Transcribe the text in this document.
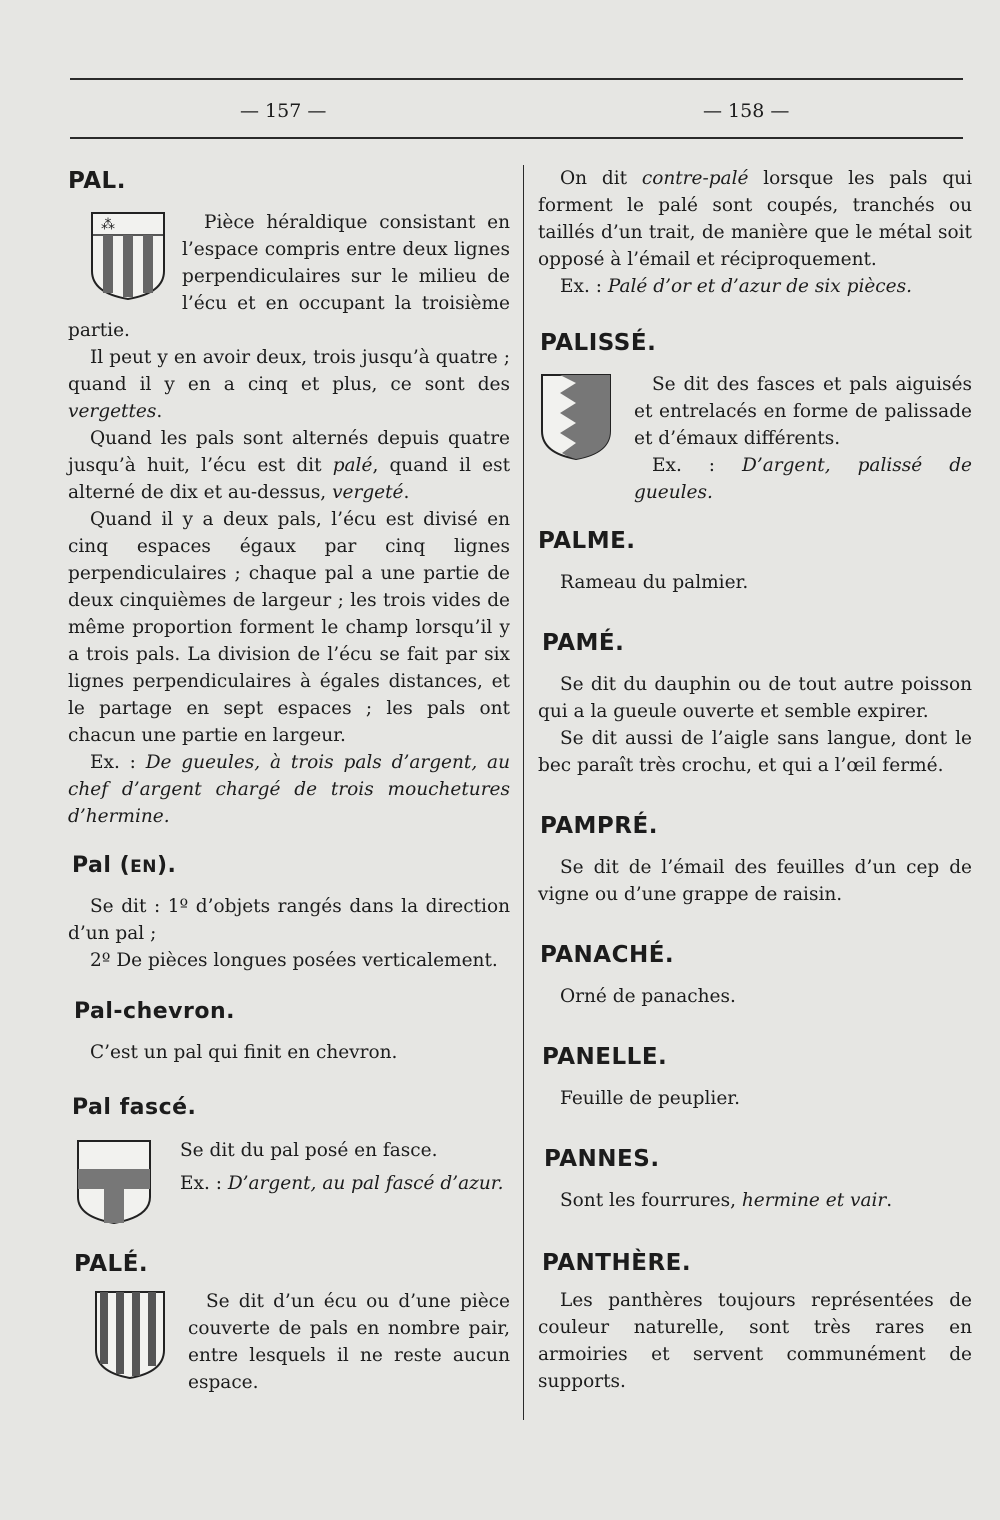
— 157 —	— 158 —
PAL.
⁂	Pièce héraldique consistant en l’espace compris entre deux lignes perpendiculaires sur le milieu de l’écu et en occupant la troisième partie.

Il peut y en avoir deux, trois jusqu’à quatre ; quand il y en a cinq et plus, ce sont des vergettes.

Quand les pals sont alternés depuis quatre jusqu’à huit, l’écu est dit palé, quand il est alterné de dix et au-dessus, vergeté.

Quand il y a deux pals, l’écu est divisé en cinq espaces égaux par cinq lignes perpendiculaires ; chaque pal a une partie de deux cinquièmes de largeur ; les trois vides de même proportion forment le champ lorsqu’il y a trois pals. La division de l’écu se fait par six lignes perpendiculaires à égales distances, et le partage en sept espaces ; les pals ont chacun une partie en largeur.

Ex. : De gueules, à trois pals d’argent, au chef d’argent chargé de trois mouchetures d’hermine.

Pal (EN).

Se dit : 1º d’objets rangés dans la direction d’un pal ;

2º De pièces longues posées verticalement.

Pal-chevron.

C’est un pal qui finit en chevron.

Pal fascé.

Se dit du pal posé en fasce.

Ex. : D’argent, au pal fascé d’azur.

PALÉ.

Se dit d’un écu ou d’une pièce couverte de pals en nombre pair, entre lesquels il ne reste aucun espace.

On dit contre-palé lorsque les pals qui forment le palé sont coupés, tranchés ou taillés d’un trait, de manière que le métal soit opposé à l’émail et réciproquement.

Ex. : Palé d’or et d’azur de six pièces.

PALISSÉ.

Se dit des fasces et pals aiguisés et entrelacés en forme de palissade et d’émaux différents.

Ex. : D’argent, palissé de gueules.

PALME.

Rameau du palmier.

PAMÉ.

Se dit du dauphin ou de tout autre poisson qui a la gueule ouverte et semble expirer.

Se dit aussi de l’aigle sans langue, dont le bec paraît très crochu, et qui a l’œil fermé.

PAMPRÉ.

Se dit de l’émail des feuilles d’un cep de vigne ou d’une grappe de raisin.

PANACHÉ.

Orné de panaches.

PANELLE.

Feuille de peuplier.

PANNES.

Sont les fourrures, hermine et vair.

PANTHÈRE.

Les panthères toujours représentées de couleur naturelle, sont très rares en armoiries et servent communément de supports.
